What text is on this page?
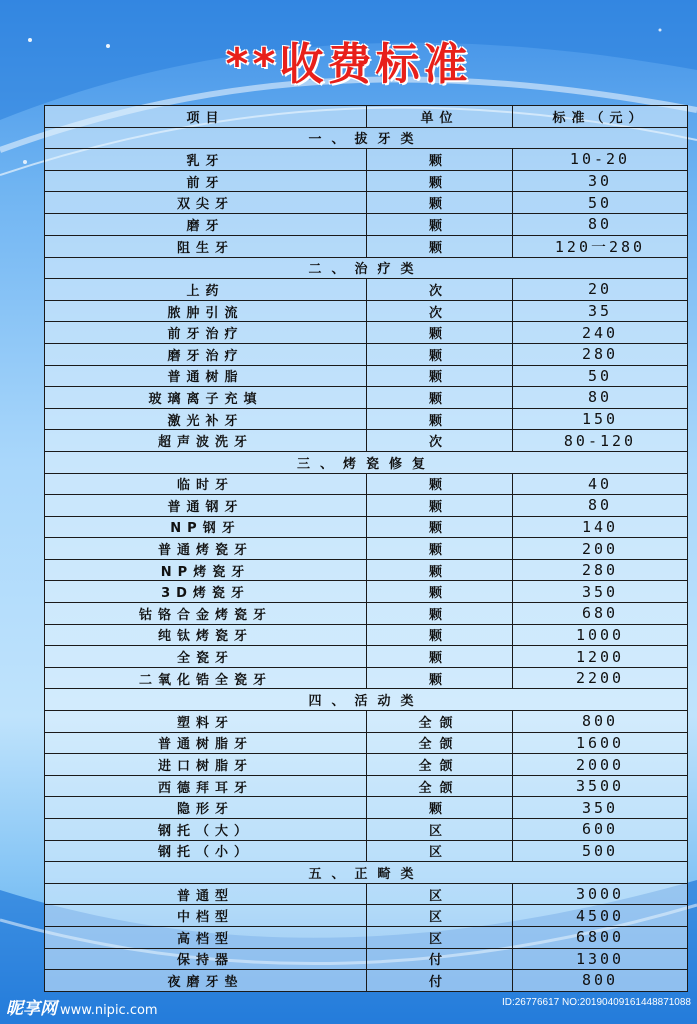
**收费标准
项目	单位	标准（元）
一、拔牙类		
乳牙	颗	10-20
前牙	颗	30
双尖牙	颗	50
磨牙	颗	80
阻生牙	颗	120一280
二、治疗类		
上药	次	20
脓肿引流	次	35
前牙治疗	颗	240
磨牙治疗	颗	280
普通树脂	颗	50
玻璃离子充填	颗	80
激光补牙	颗	150
超声波洗牙	次	80-120
三、烤瓷修复		
临时牙	颗	40
普通钢牙	颗	80
NP钢牙	颗	140
普通烤瓷牙	颗	200
NP烤瓷牙	颗	280
3D烤瓷牙	颗	350
钴铬合金烤瓷牙	颗	680
纯钛烤瓷牙	颗	1000
全瓷牙	颗	1200
二氧化锆全瓷牙	颗	2200
四、活动类		
塑料牙	全颌	800
普通树脂牙	全颌	1600
进口树脂牙	全颌	2000
西德拜耳牙	全颌	3500
隐形牙	颗	350
钢托（大）	区	600
钢托（小）	区	500
五、正畸类		
普通型	区	3000
中档型	区	4500
高档型	区	6800
保持器	付	1300
夜磨牙垫	付	800
昵享网 www.nipic.com
ID:26776617 NO:20190409161448871088
